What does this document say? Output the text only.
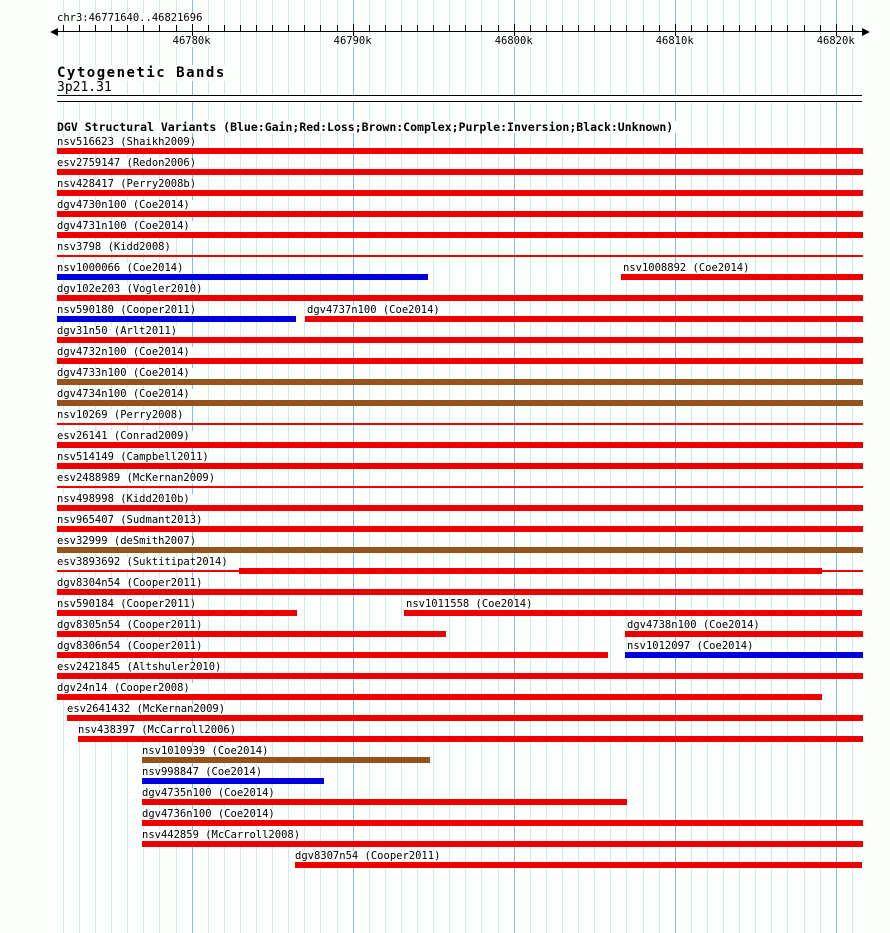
chr3:46771640..46821696
46780k	46790k	46800k	46810k	46820k
Cytogenetic Bands
3p21.31
DGV Structural Variants (Blue:Gain;Red:Loss;Brown:Complex;Purple:Inversion;Black:Unknown)
nsv516623 (Shaikh2009)
esv2759147 (Redon2006)
nsv428417 (Perry2008b)
dgv4730n100 (Coe2014)
dgv4731n100 (Coe2014)
nsv3798 (Kidd2008)
nsv1000066 (Coe2014)	nsv1008892 (Coe2014)
dgv102e203 (Vogler2010)
nsv590180 (Cooper2011)	dgv4737n100 (Coe2014)
dgv31n50 (Arlt2011)
dgv4732n100 (Coe2014)
dgv4733n100 (Coe2014)
dgv4734n100 (Coe2014)
nsv10269 (Perry2008)
esv26141 (Conrad2009)
nsv514149 (Campbell2011)
esv2488989 (McKernan2009)
nsv498998 (Kidd2010b)
nsv965407 (Sudmant2013)
esv32999 (deSmith2007)
esv3893692 (Suktitipat2014)
dgv8304n54 (Cooper2011)
nsv590184 (Cooper2011)	nsv1011558 (Coe2014)
dgv8305n54 (Cooper2011)	dgv4738n100 (Coe2014)
dgv8306n54 (Cooper2011)	nsv1012097 (Coe2014)
esv2421845 (Altshuler2010)
dgv24n14 (Cooper2008)
esv2641432 (McKernan2009)
nsv438397 (McCarroll2006)
nsv1010939 (Coe2014)
nsv998847 (Coe2014)
dgv4735n100 (Coe2014)
dgv4736n100 (Coe2014)
nsv442859 (McCarroll2008)
dgv8307n54 (Cooper2011)
